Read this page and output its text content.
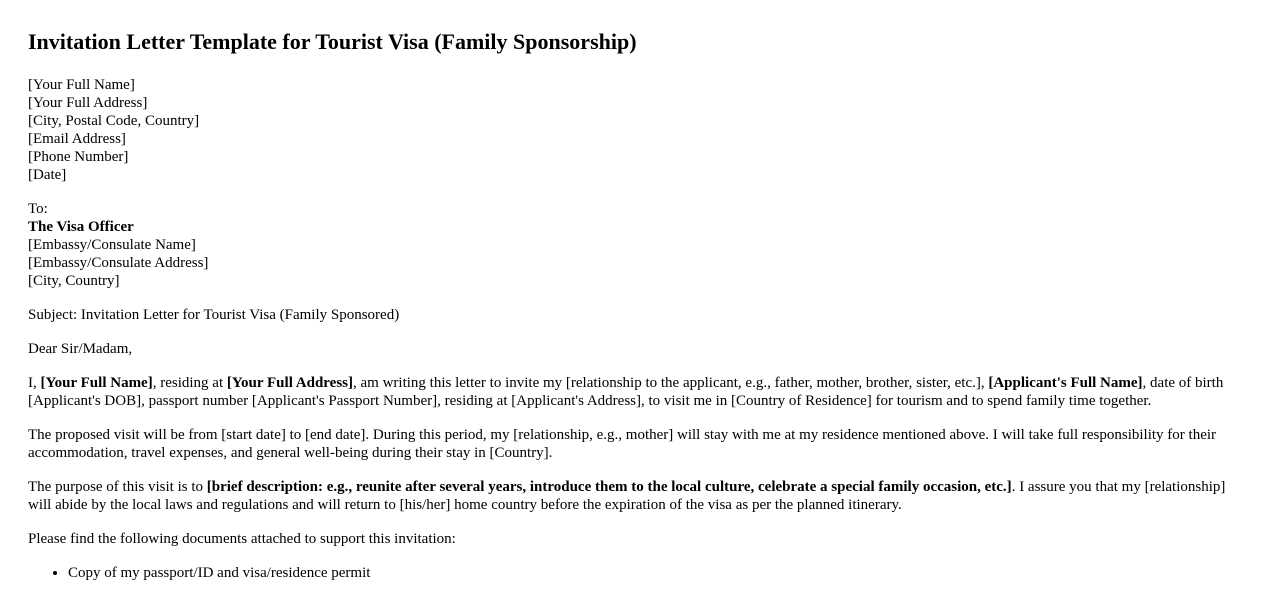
Invitation Letter Template for Tourist Visa (Family Sponsorship)
[Your Full Name]
[Your Full Address]
[City, Postal Code, Country]
[Email Address]
[Phone Number]
[Date]
To:
The Visa Officer
[Embassy/Consulate Name]
[Embassy/Consulate Address]
[City, Country]

Subject: Invitation Letter for Tourist Visa (Family Sponsored)

Dear Sir/Madam,

I, [Your Full Name], residing at [Your Full Address], am writing this letter to invite my [relationship to the applicant, e.g., father, mother, brother, sister, etc.], [Applicant's Full Name], date of birth [Applicant's DOB], passport number [Applicant's Passport Number], residing at [Applicant's Address], to visit me in [Country of Residence] for tourism and to spend family time together.

The proposed visit will be from [start date] to [end date]. During this period, my [relationship, e.g., mother] will stay with me at my residence mentioned above. I will take full responsibility for their accommodation, travel expenses, and general well-being during their stay in [Country].

The purpose of this visit is to [brief description: e.g., reunite after several years, introduce them to the local culture, celebrate a special family occasion, etc.]. I assure you that my [relationship] will abide by the local laws and regulations and will return to [his/her] home country before the expiration of the visa as per the planned itinerary.

Please find the following documents attached to support this invitation:

• Copy of my passport/ID and visa/residence permit
